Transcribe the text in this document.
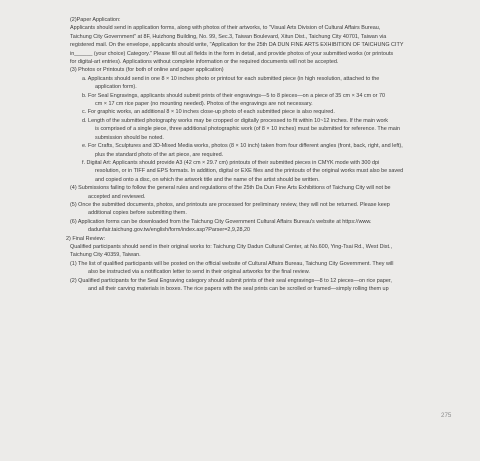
(2)Paper Application:
Applicants should send in application forms, along with photos of their artworks, to "Visual Arts Division of Cultural Affairs Bureau,
Taichung City Government" at 8F, Huizhong Building, No. 99, Sec.3, Taiwan Boulevard, Xitun Dist., Taichung City 40701, Taiwan via
registered mail. On the envelope, applicants should write, "Application for the 25th DA DUN FINE ARTS EXHIBITION OF TAICHUNG CITY
in______ (your choice) Category." Please fill out all fields in the form in detail, and provide photos of your submitted works (or printouts
for digital-art entries). Applications without complete information or the required documents will not be accepted.
(3) Photos or Printouts (for both of online and paper application)
a. Applicants should send in one 8 × 10 inches photo or printout for each submitted piece (in high resolution, attached to the
application form).
b. For Seal Engravings, applicants should submit prints of their engravings—5 to 8 pieces—on a piece of 35 cm × 34 cm or 70
cm × 17 cm rice paper (no mounting needed). Photos of the engravings are not necessary.
c. For graphic works, an additional 8 × 10 inches close-up photo of each submitted piece is also required.
d. Length of the submitted photography works may be cropped or digitally processed to fit within 10~12 inches. If the main work
is comprised of a single piece, three additional photographic work (of 8 × 10 inches) must be submitted for reference. The main
submission should be noted.
e. For Crafts, Sculptures and 3D-Mixed Media works, photos (8 × 10 inch) taken from four different angles (front, back, right, and left),
plus the standard photo of the art piece, are required.
f. Digital Art: Applicants should provide A3 (42 cm × 29.7 cm) printouts of their submitted pieces in CMYK mode with 300 dpi
resolution, or in TIFF and EPS formats. In addition, digital or EXE files and the printouts of the original works must also be saved
and copied onto a disc, on which the artwork title and the name of the artist should be written.
(4) Submissions failing to follow the general rules and regulations of the 25th Da Dun Fine Arts Exhibitions of Taichung City will not be
accepted and reviewed.
(5) Once the submitted documents, photos, and printouts are processed for preliminary review, they will not be returned. Please keep
additional copies before submitting them.
(6) Application forms can be downloaded from the Taichung City Government Cultural Affairs Bureau's website at https://www.
dadunfair.taichung.gov.tw/english/form/index.asp?Parser=2,9,28,20
2) Final Review:
Qualified participants should send in their original works to: Taichung City Dadun Cultural Center, at No.600, Ying-Tsai Rd., West Dist.,
Taichung City 40359, Taiwan.
(1) The list of qualified participants will be posted on the official website of Cultural Affairs Bureau, Taichung City Government. They will
also be instructed via a notification letter to send in their original artworks for the final review.
(2) Qualified participants for the Seal Engraving category should submit prints of their seal engravings—8 to 12 pieces—on rice paper,
and all their carving materials in boxes. The rice papers with the seal prints can be scrolled or framed—simply rolling them up
275
